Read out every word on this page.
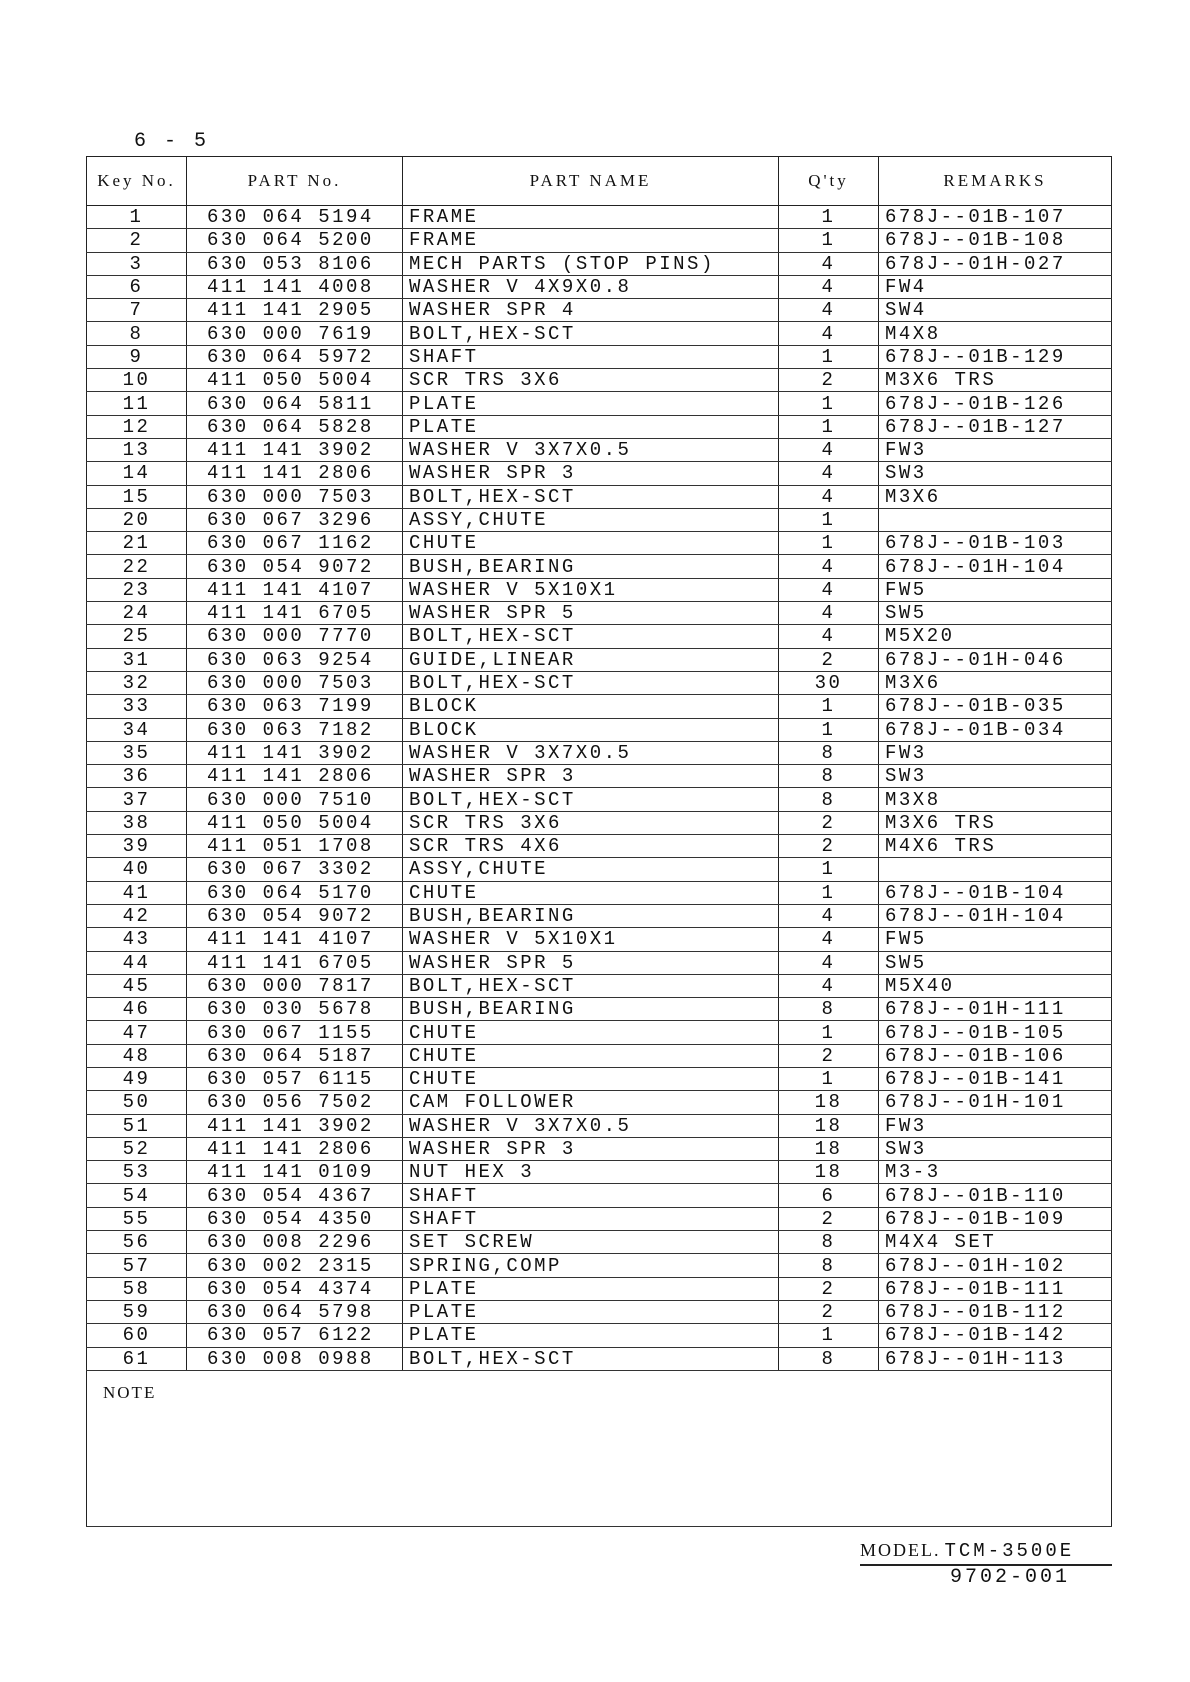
6 - 5
Key No.	PART No.	PART NAME	Q'ty	REMARKS
1	630 064 5194	FRAME	1	678J--01B-107
2	630 064 5200	FRAME	1	678J--01B-108
3	630 053 8106	MECH PARTS (STOP PINS)	4	678J--01H-027
6	411 141 4008	WASHER V 4X9X0.8	4	FW4
7	411 141 2905	WASHER SPR 4	4	SW4
8	630 000 7619	BOLT,HEX-SCT	4	M4X8
9	630 064 5972	SHAFT	1	678J--01B-129
10	411 050 5004	SCR TRS 3X6	2	M3X6 TRS
11	630 064 5811	PLATE	1	678J--01B-126
12	630 064 5828	PLATE	1	678J--01B-127
13	411 141 3902	WASHER V 3X7X0.5	4	FW3
14	411 141 2806	WASHER SPR 3	4	SW3
15	630 000 7503	BOLT,HEX-SCT	4	M3X6
20	630 067 3296	ASSY,CHUTE	1	
21	630 067 1162	CHUTE	1	678J--01B-103
22	630 054 9072	BUSH,BEARING	4	678J--01H-104
23	411 141 4107	WASHER V 5X10X1	4	FW5
24	411 141 6705	WASHER SPR 5	4	SW5
25	630 000 7770	BOLT,HEX-SCT	4	M5X20
31	630 063 9254	GUIDE,LINEAR	2	678J--01H-046
32	630 000 7503	BOLT,HEX-SCT	30	M3X6
33	630 063 7199	BLOCK	1	678J--01B-035
34	630 063 7182	BLOCK	1	678J--01B-034
35	411 141 3902	WASHER V 3X7X0.5	8	FW3
36	411 141 2806	WASHER SPR 3	8	SW3
37	630 000 7510	BOLT,HEX-SCT	8	M3X8
38	411 050 5004	SCR TRS 3X6	2	M3X6 TRS
39	411 051 1708	SCR TRS 4X6	2	M4X6 TRS
40	630 067 3302	ASSY,CHUTE	1	
41	630 064 5170	CHUTE	1	678J--01B-104
42	630 054 9072	BUSH,BEARING	4	678J--01H-104
43	411 141 4107	WASHER V 5X10X1	4	FW5
44	411 141 6705	WASHER SPR 5	4	SW5
45	630 000 7817	BOLT,HEX-SCT	4	M5X40
46	630 030 5678	BUSH,BEARING	8	678J--01H-111
47	630 067 1155	CHUTE	1	678J--01B-105
48	630 064 5187	CHUTE	2	678J--01B-106
49	630 057 6115	CHUTE	1	678J--01B-141
50	630 056 7502	CAM FOLLOWER	18	678J--01H-101
51	411 141 3902	WASHER V 3X7X0.5	18	FW3
52	411 141 2806	WASHER SPR 3	18	SW3
53	411 141 0109	NUT HEX 3	18	M3-3
54	630 054 4367	SHAFT	6	678J--01B-110
55	630 054 4350	SHAFT	2	678J--01B-109
56	630 008 2296	SET SCREW	8	M4X4 SET
57	630 002 2315	SPRING,COMP	8	678J--01H-102
58	630 054 4374	PLATE	2	678J--01B-111
59	630 064 5798	PLATE	2	678J--01B-112
60	630 057 6122	PLATE	1	678J--01B-142
61	630 008 0988	BOLT,HEX-SCT	8	678J--01H-113
NOTE				
MODEL. TCM-3500E
9702-001
